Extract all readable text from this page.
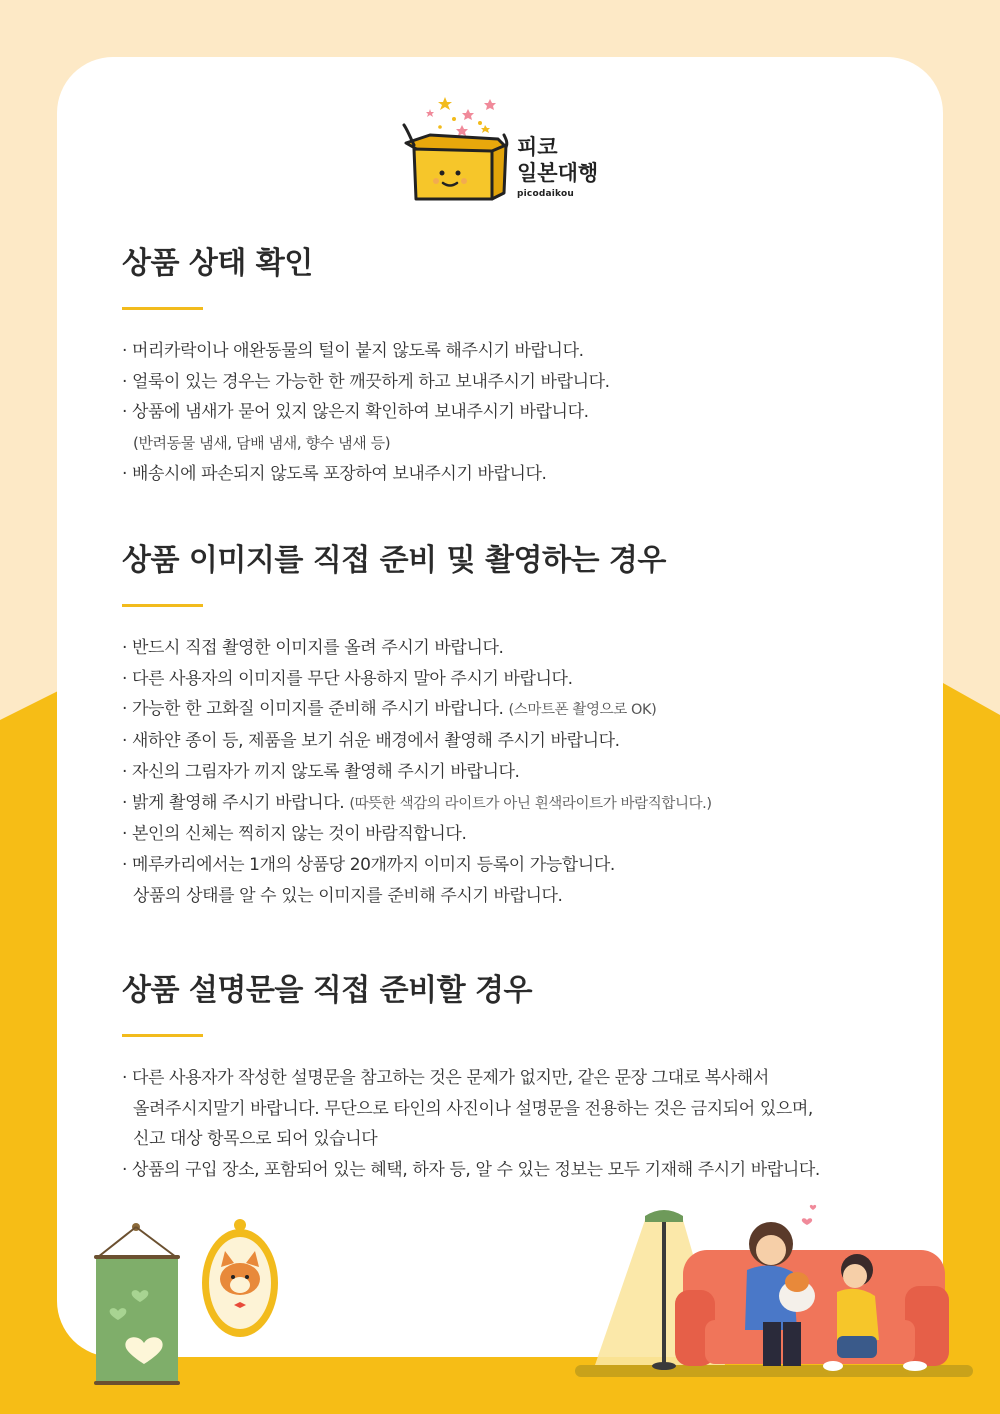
피코
일본대행
picodaikou
상품 상태 확인
· 머리카락이나 애완동물의 털이 붙지 않도록 해주시기 바랍니다.
· 얼룩이 있는 경우는 가능한 한 깨끗하게 하고 보내주시기 바랍니다.
· 상품에 냄새가 묻어 있지 않은지 확인하여 보내주시기 바랍니다.
(반려동물 냄새, 담배 냄새, 향수 냄새 등)
· 배송시에 파손되지 않도록 포장하여 보내주시기 바랍니다.
상품 이미지를 직접 준비 및 촬영하는 경우
· 반드시 직접 촬영한 이미지를 올려 주시기 바랍니다.
· 다른 사용자의 이미지를 무단 사용하지 말아 주시기 바랍니다.
· 가능한 한 고화질 이미지를 준비해 주시기 바랍니다. (스마트폰 촬영으로 OK)
· 새하얀 종이 등, 제품을 보기 쉬운 배경에서 촬영해 주시기 바랍니다.
· 자신의 그림자가 끼지 않도록 촬영해 주시기 바랍니다.
· 밝게 촬영해 주시기 바랍니다. (따뜻한 색감의 라이트가 아닌 흰색라이트가 바람직합니다.)
· 본인의 신체는 찍히지 않는 것이 바람직합니다.
· 메루카리에서는 1개의 상품당 20개까지 이미지 등록이 가능합니다.
상품의 상태를 알 수 있는 이미지를 준비해 주시기 바랍니다.
상품 설명문을 직접 준비할 경우
· 다른 사용자가 작성한 설명문을 참고하는 것은 문제가 없지만, 같은 문장 그대로 복사해서
올려주시지말기 바랍니다. 무단으로 타인의 사진이나 설명문을 전용하는 것은 금지되어 있으며,
신고 대상 항목으로 되어 있습니다
· 상품의 구입 장소, 포함되어 있는 혜택, 하자 등, 알 수 있는 정보는 모두 기재해 주시기 바랍니다.
